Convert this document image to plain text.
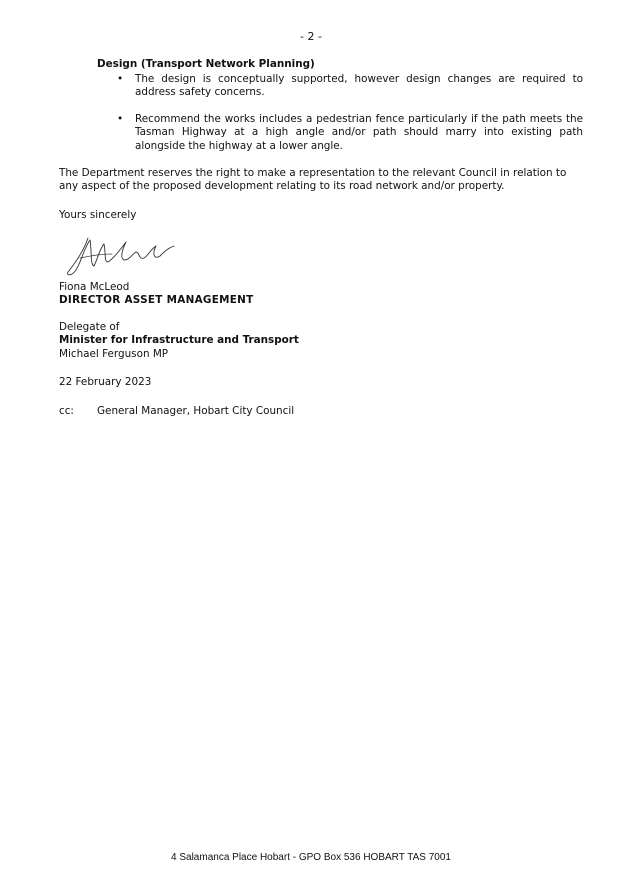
- 2 -
Design (Transport Network Planning)
• The design is conceptually supported, however design changes are required to address safety concerns.
• Recommend the works includes a pedestrian fence particularly if the path meets the Tasman Highway at a high angle and/or path should marry into existing path alongside the highway at a lower angle.
The Department reserves the right to make a representation to the relevant Council in relation to any aspect of the proposed development relating to its road network and/or property.
Yours sincerely
Fiona McLeod
DIRECTOR ASSET MANAGEMENT
Delegate of
Minister for Infrastructure and Transport
Michael Ferguson MP
22 February 2023
cc: General Manager, Hobart City Council
4 Salamanca Place Hobart - GPO Box 536 HOBART TAS 7001
